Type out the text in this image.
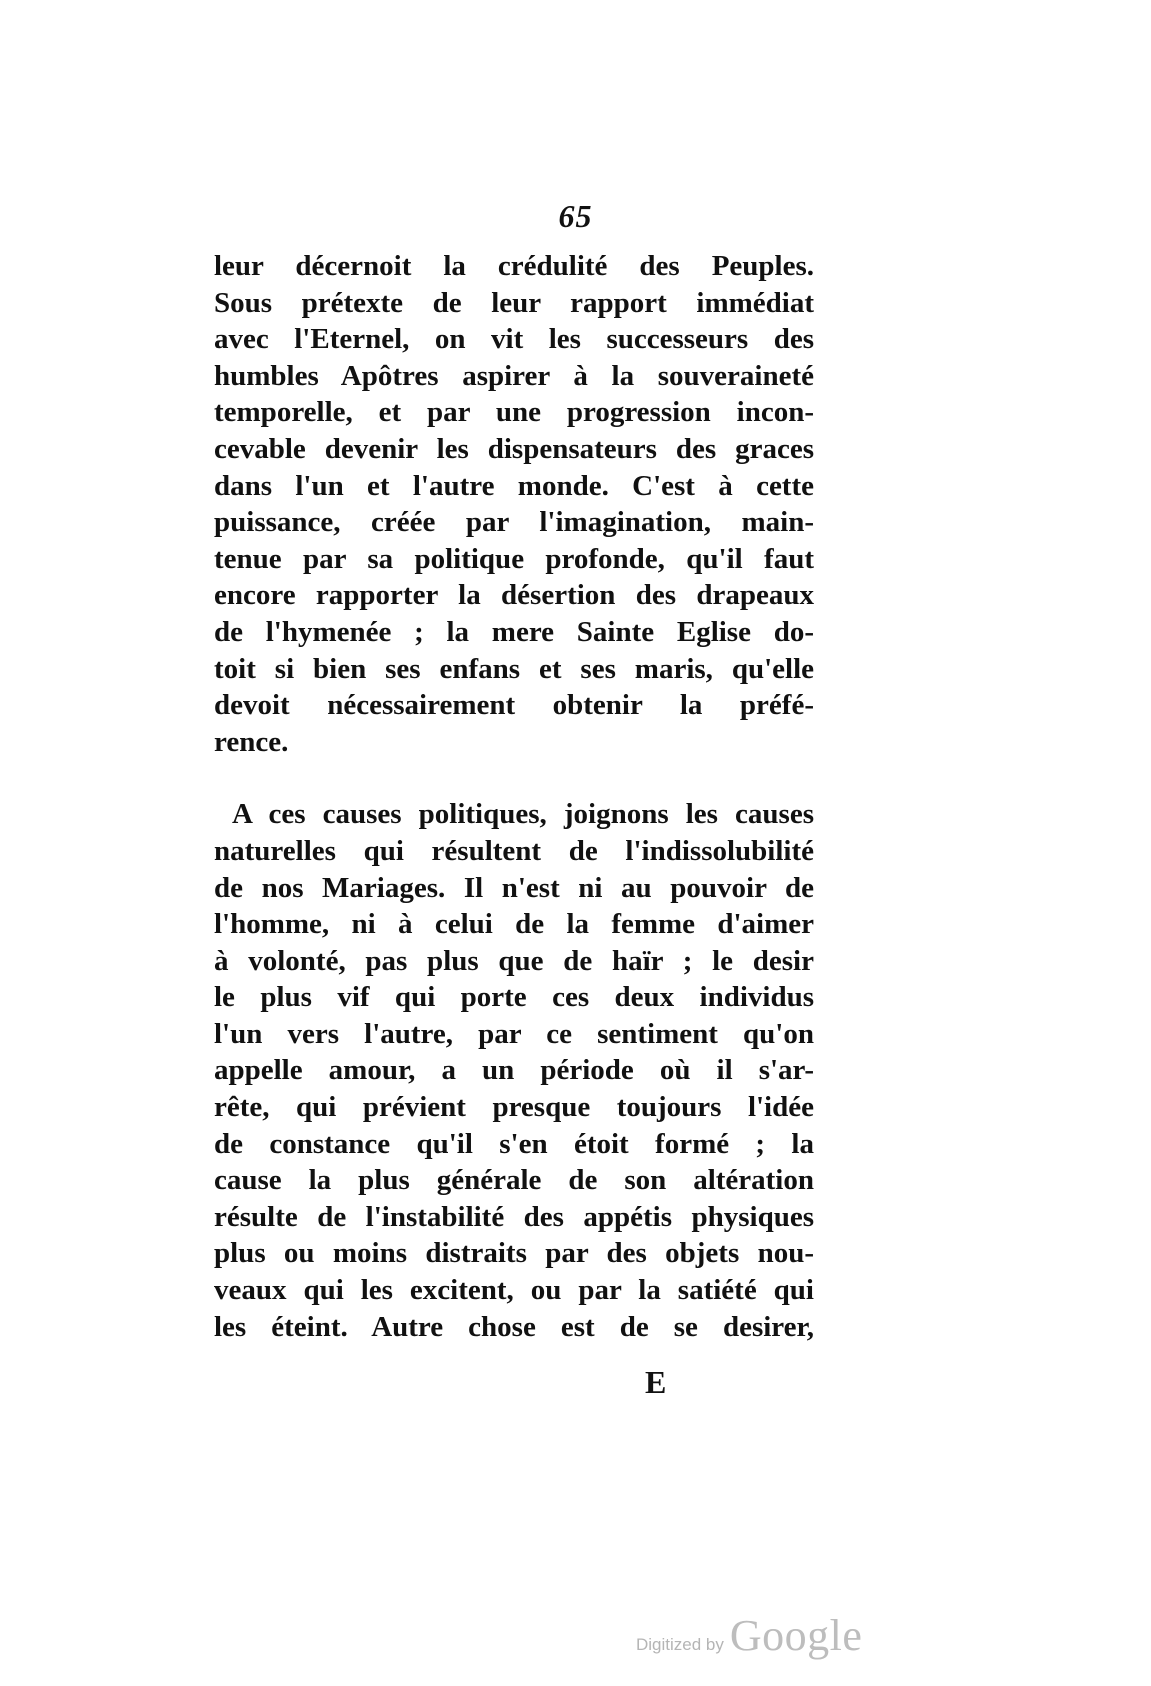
65
leur décernoit la crédulité des Peuples.
Sous prétexte de leur rapport immédiat
avec l'Eternel, on vit les successeurs des
humbles Apôtres aspirer à la souveraineté
temporelle, et par une progression incon-
cevable devenir les dispensateurs des graces
dans l'un et l'autre monde. C'est à cette
puissance, créée par l'imagination, main-
tenue par sa politique profonde, qu'il faut
encore rapporter la désertion des drapeaux
de l'hymenée ; la mere Sainte Eglise do-
toit si bien ses enfans et ses maris, qu'elle
devoit nécessairement obtenir la préfé-
rence.
A ces causes politiques, joignons les causes
naturelles qui résultent de l'indissolubilité
de nos Mariages. Il n'est ni au pouvoir de
l'homme, ni à celui de la femme d'aimer
à volonté, pas plus que de haïr ; le desir
le plus vif qui porte ces deux individus
l'un vers l'autre, par ce sentiment qu'on
appelle amour, a un période où il s'ar-
rête, qui prévient presque toujours l'idée
de constance qu'il s'en étoit formé ; la
cause la plus générale de son altération
résulte de l'instabilité des appétis physiques
plus ou moins distraits par des objets nou-
veaux qui les excitent, ou par la satiété qui
les éteint. Autre chose est de se desirer,
E
Digitized by Google
